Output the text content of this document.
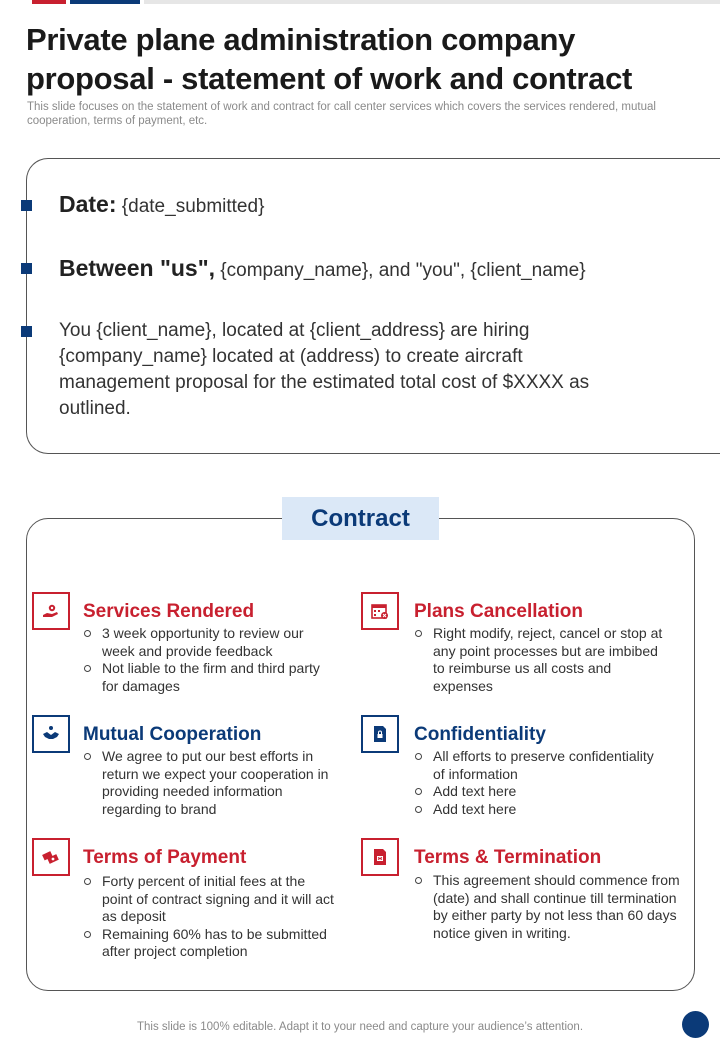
Private plane administration company proposal - statement of work and contract

This slide focuses on the statement of work and contract for call center services which covers the services rendered, mutual cooperation, terms of payment, etc.

Date: {date_submitted}
Between "us", {company_name}, and "you", {client_name}
You {client_name}, located at {client_address} are hiring {company_name} located at (address) to create aircraft management proposal for the estimated total cost of $XXXX as outlined.
Contract
Services Rendered
3 week opportunity to review our week and provide feedback
Not liable to the firm and third party for damages
Plans Cancellation
Right modify, reject, cancel or stop at any point processes but are imbibed to reimburse us all costs and expenses
Mutual Cooperation
We agree to put our best efforts in return we expect your cooperation in providing needed information regarding to brand
Confidentiality
All efforts to preserve confidentiality of information
Add text here
Add text here
Terms of Payment
Forty percent of initial fees at the point of contract signing and it will act as deposit
Remaining 60% has to be submitted after project completion
Terms & Termination
This agreement should commence from (date) and shall continue till termination by either party by not less than 60 days notice given in writing.
This slide is 100% editable. Adapt it to your need and capture your audience’s attention.
